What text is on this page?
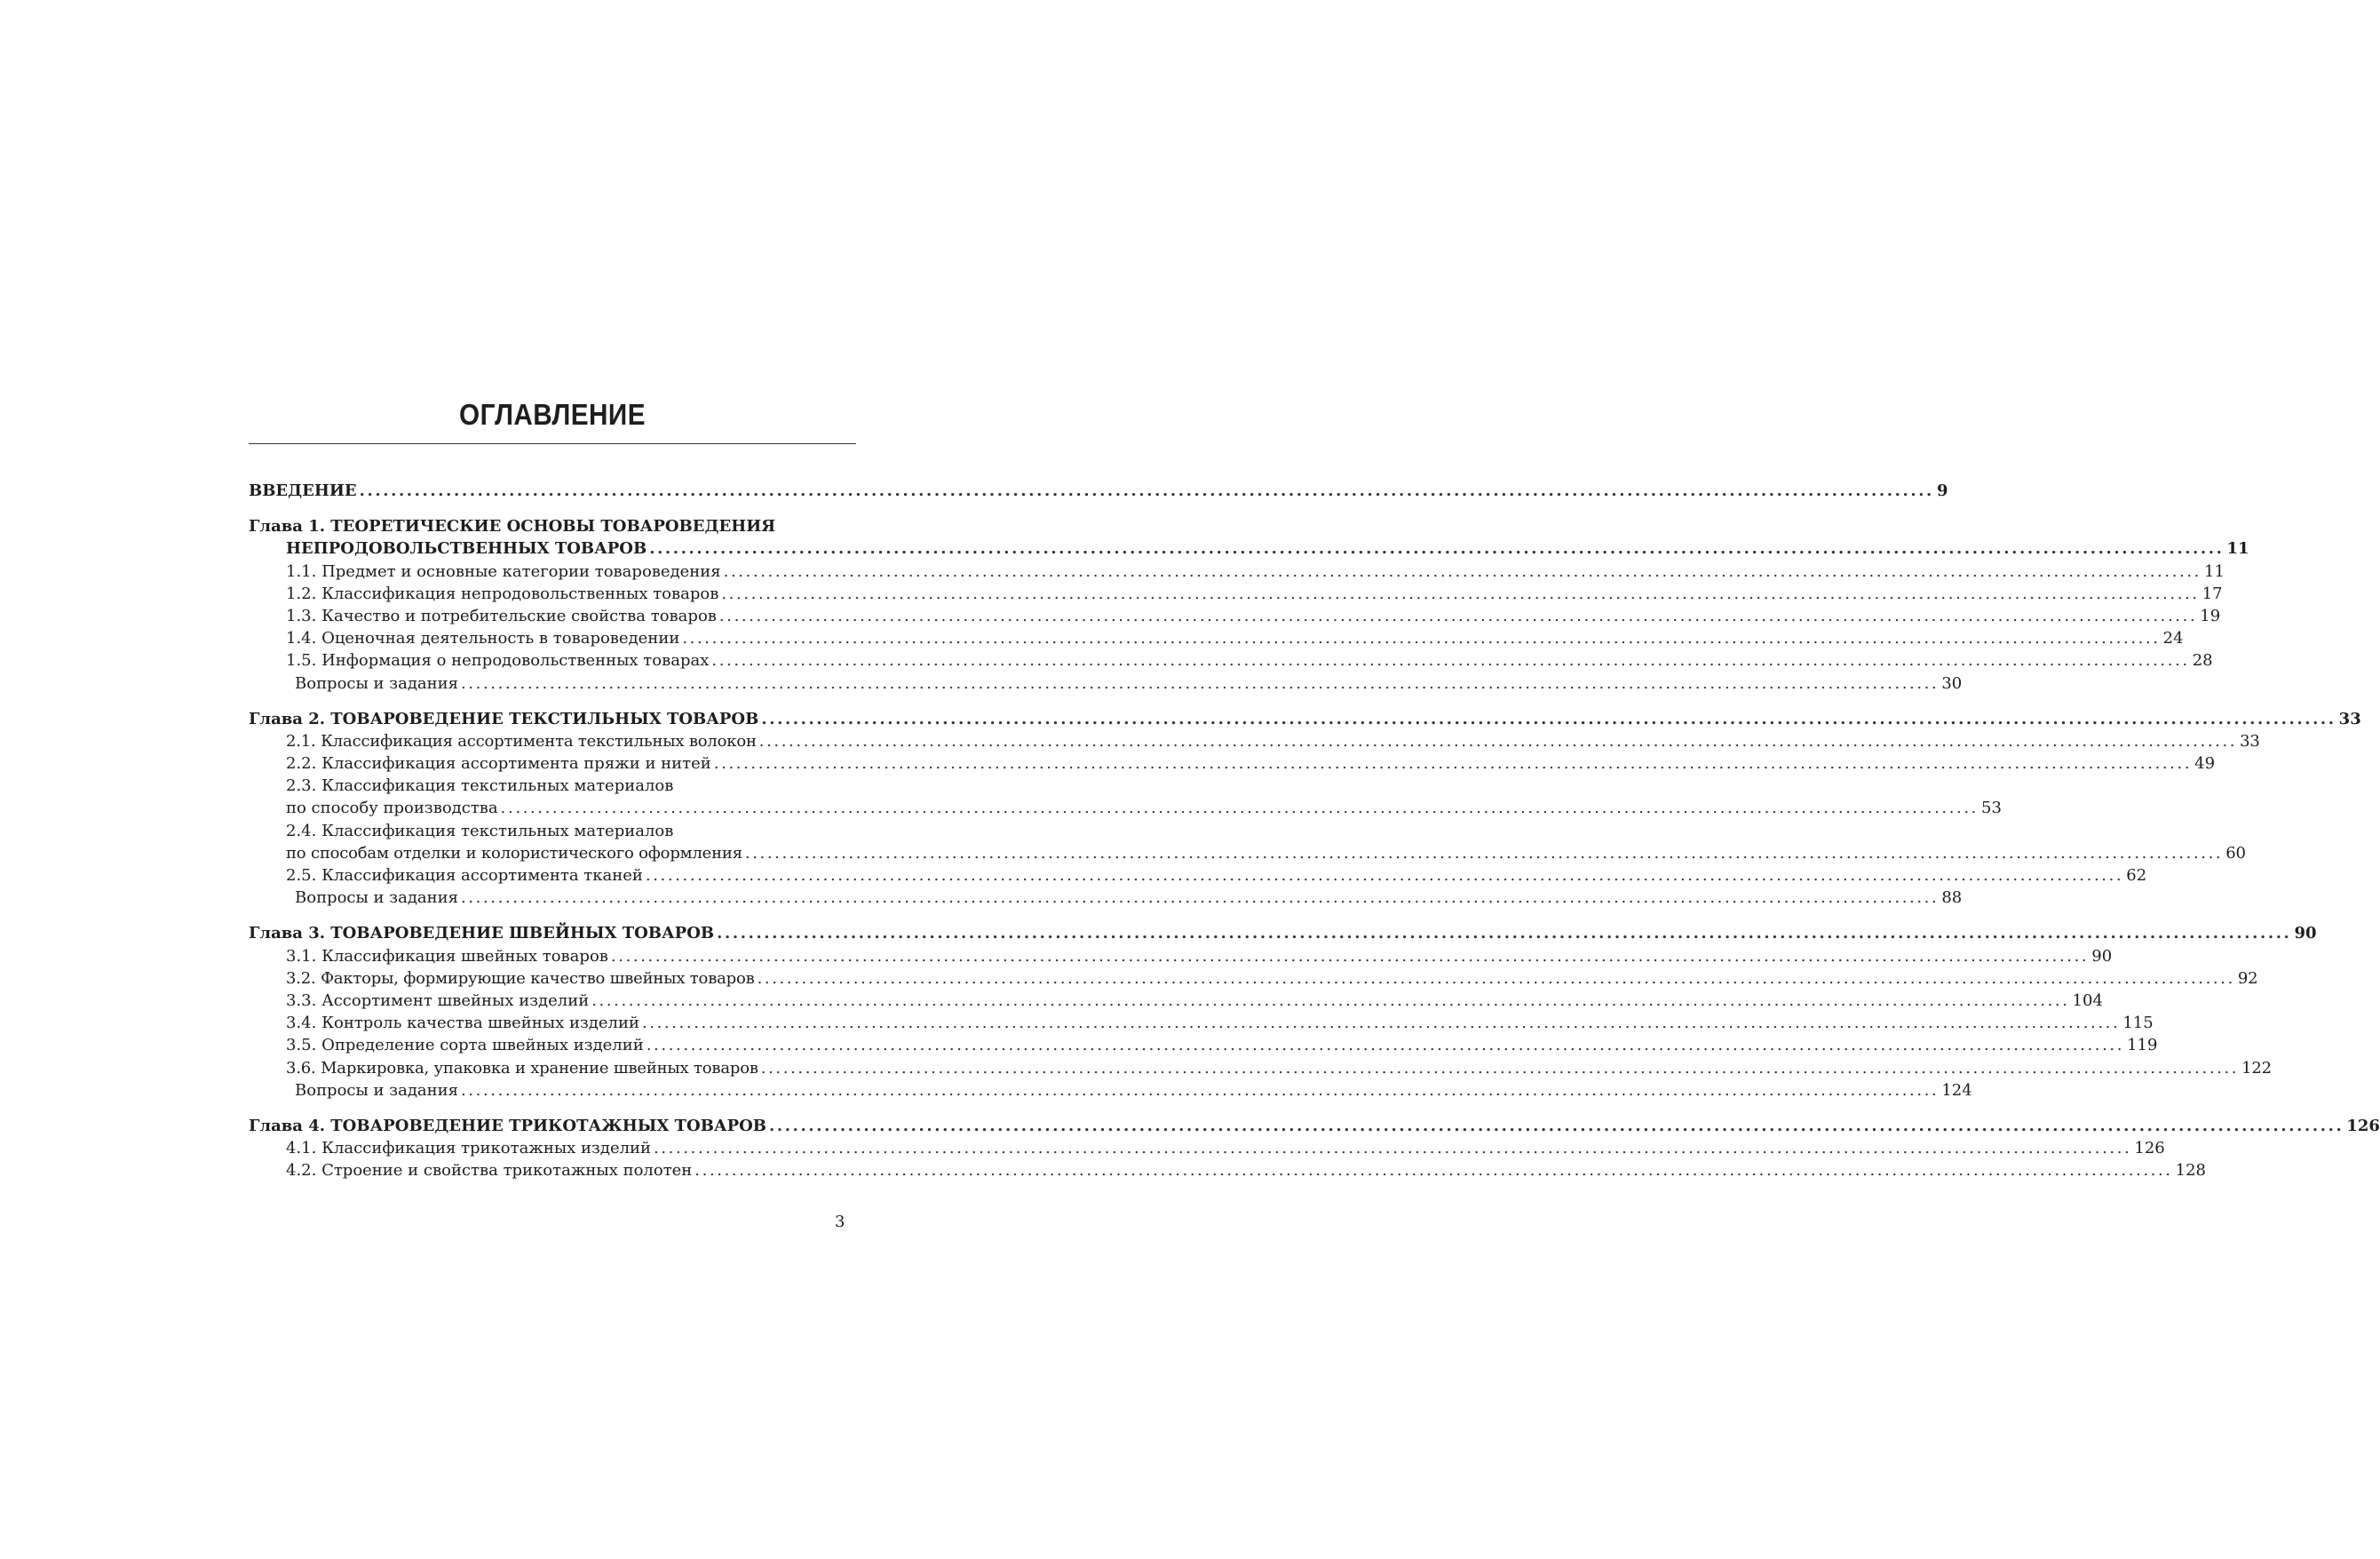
ОГЛАВЛЕНИЕ
ВВЕДЕНИЕ ........................................................................................................................................................................................................ 9
Глава 1. ТЕОРЕТИЧЕСКИЕ ОСНОВЫ ТОВАРОВЕДЕНИЯ
НЕПРОДОВОЛЬСТВЕННЫХ ТОВАРОВ ........................................................................................................................................................................................................ 11
1.1. Предмет и основные категории товароведения ........................................................................................................................................................................................................ 11
1.2. Классификация непродовольственных товаров ........................................................................................................................................................................................................ 17
1.3. Качество и потребительские свойства товаров ........................................................................................................................................................................................................ 19
1.4. Оценочная деятельность в товароведении ........................................................................................................................................................................................................ 24
1.5. Информация о непродовольственных товарах ........................................................................................................................................................................................................ 28
Вопросы и задания ........................................................................................................................................................................................................ 30
Глава 2. ТОВАРОВЕДЕНИЕ ТЕКСТИЛЬНЫХ ТОВАРОВ ........................................................................................................................................................................................................ 33
2.1. Классификация ассортимента текстильных волокон ........................................................................................................................................................................................................ 33
2.2. Классификация ассортимента пряжи и нитей ........................................................................................................................................................................................................ 49
2.3. Классификация текстильных материалов
по способу производства ........................................................................................................................................................................................................ 53
2.4. Классификация текстильных материалов
по способам отделки и колористического оформления ........................................................................................................................................................................................................ 60
2.5. Классификация ассортимента тканей ........................................................................................................................................................................................................ 62
Вопросы и задания ........................................................................................................................................................................................................ 88
Глава 3. ТОВАРОВЕДЕНИЕ ШВЕЙНЫХ ТОВАРОВ ........................................................................................................................................................................................................ 90
3.1. Классификация швейных товаров ........................................................................................................................................................................................................ 90
3.2. Факторы, формирующие качество швейных товаров ........................................................................................................................................................................................................ 92
3.3. Ассортимент швейных изделий ........................................................................................................................................................................................................ 104
3.4. Контроль качества швейных изделий ........................................................................................................................................................................................................ 115
3.5. Определение сорта швейных изделий ........................................................................................................................................................................................................ 119
3.6. Маркировка, упаковка и хранение швейных товаров ........................................................................................................................................................................................................ 122
Вопросы и задания ........................................................................................................................................................................................................ 124
Глава 4. ТОВАРОВЕДЕНИЕ ТРИКОТАЖНЫХ ТОВАРОВ ........................................................................................................................................................................................................ 126
4.1. Классификация трикотажных изделий ........................................................................................................................................................................................................ 126
4.2. Строение и свойства трикотажных полотен ........................................................................................................................................................................................................ 128
3
